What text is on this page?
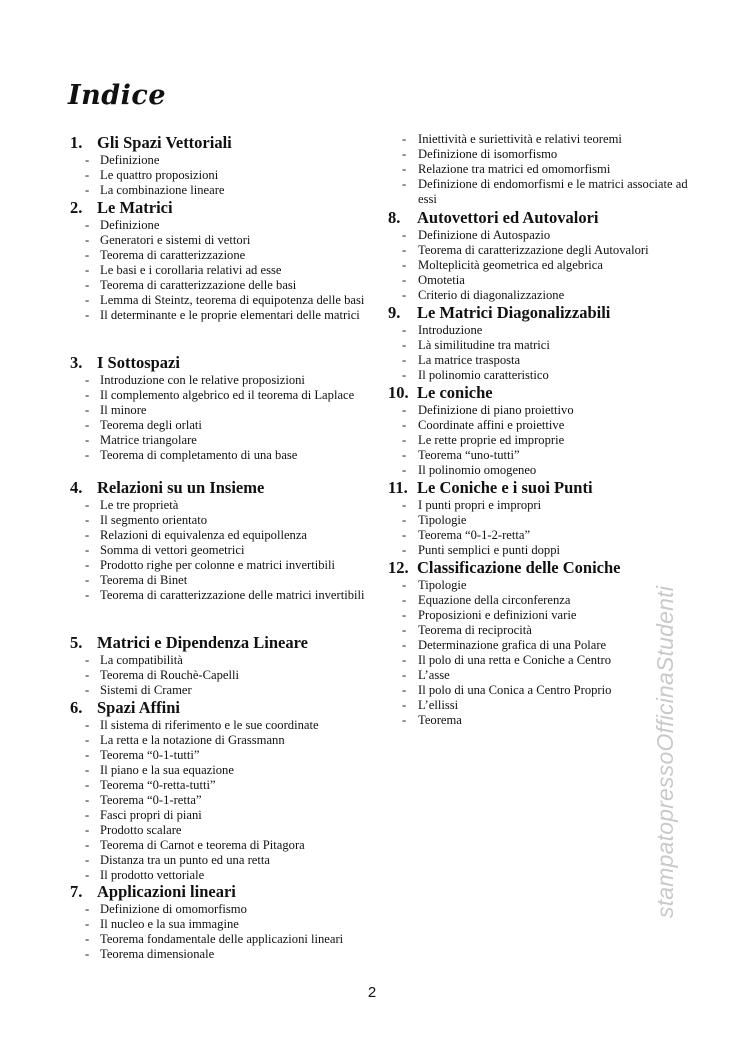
Indice
1. Gli Spazi Vettoriali
- Definizione
- Le quattro proposizioni
- La combinazione lineare
2. Le Matrici
- Definizione
- Generatori e sistemi di vettori
- Teorema di caratterizzazione
- Le basi e i corollaria relativi ad esse
- Teorema di caratterizzazione delle basi
- Lemma di Steintz, teorema di equipotenza delle basi
- Il determinante e le proprie elementari delle matrici
3. I Sottospazi
- Introduzione con le relative proposizioni
- Il complemento algebrico ed il teorema di Laplace
- Il minore
- Teorema degli orlati
- Matrice triangolare
- Teorema di completamento di una base
4. Relazioni su un Insieme
- Le tre proprietà
- Il segmento orientato
- Relazioni di equivalenza ed equipollenza
- Somma di vettori geometrici
- Prodotto righe per colonne e matrici invertibili
- Teorema di Binet
- Teorema di caratterizzazione delle matrici invertibili
5. Matrici e Dipendenza Lineare
- La compatibilità
- Teorema di Rouchè-Capelli
- Sistemi di Cramer
6. Spazi Affini
- Il sistema di riferimento e le sue coordinate
- La retta e la notazione di Grassmann
- Teorema “0-1-tutti”
- Il piano e la sua equazione
- Teorema “0-retta-tutti”
- Teorema “0-1-retta”
- Fasci propri di piani
- Prodotto scalare
- Teorema di Carnot e teorema di Pitagora
- Distanza tra un punto ed una retta
- Il prodotto vettoriale
7. Applicazioni lineari
- Definizione di omomorfismo
- Il nucleo e la sua immagine
- Teorema fondamentale delle applicazioni lineari
- Teorema dimensionale
- Iniettività e suriettività e relativi teoremi
- Definizione di isomorfismo
- Relazione tra matrici ed omomorfismi
- Definizione di endomorfismi e le matrici associate ad essi
8.	Autovettori ed Autovalori
- Definizione di Autospazio
- Teorema di caratterizzazione degli Autovalori
- Molteplicità geometrica ed algebrica
- Omotetia
- Criterio di diagonalizzazione
9.	Le Matrici Diagonalizzabili
- Introduzione
- Là similitudine tra matrici
- La matrice trasposta
- Il polinomio caratteristico
10. Le coniche
- Definizione di piano proiettivo
- Coordinate affini e proiettive
- Le rette proprie ed improprie
- Teorema “uno-tutti”
- Il polinomio omogeneo
11. Le Coniche e i suoi Punti
- I punti propri e impropri
- Tipologie
- Teorema “0-1-2-retta”
- Punti semplici e punti doppi
12. Classificazione delle Coniche
- Tipologie
- Equazione della circonferenza
- Proposizioni e definizioni varie
- Teorema di reciprocità
- Determinazione grafica di una Polare
- Il polo di una retta e Coniche a Centro
- L’asse
- Il polo di una Conica a Centro Proprio
- L’ellissi
- Teorema	stampatopressoOfficinaStudenti
2
